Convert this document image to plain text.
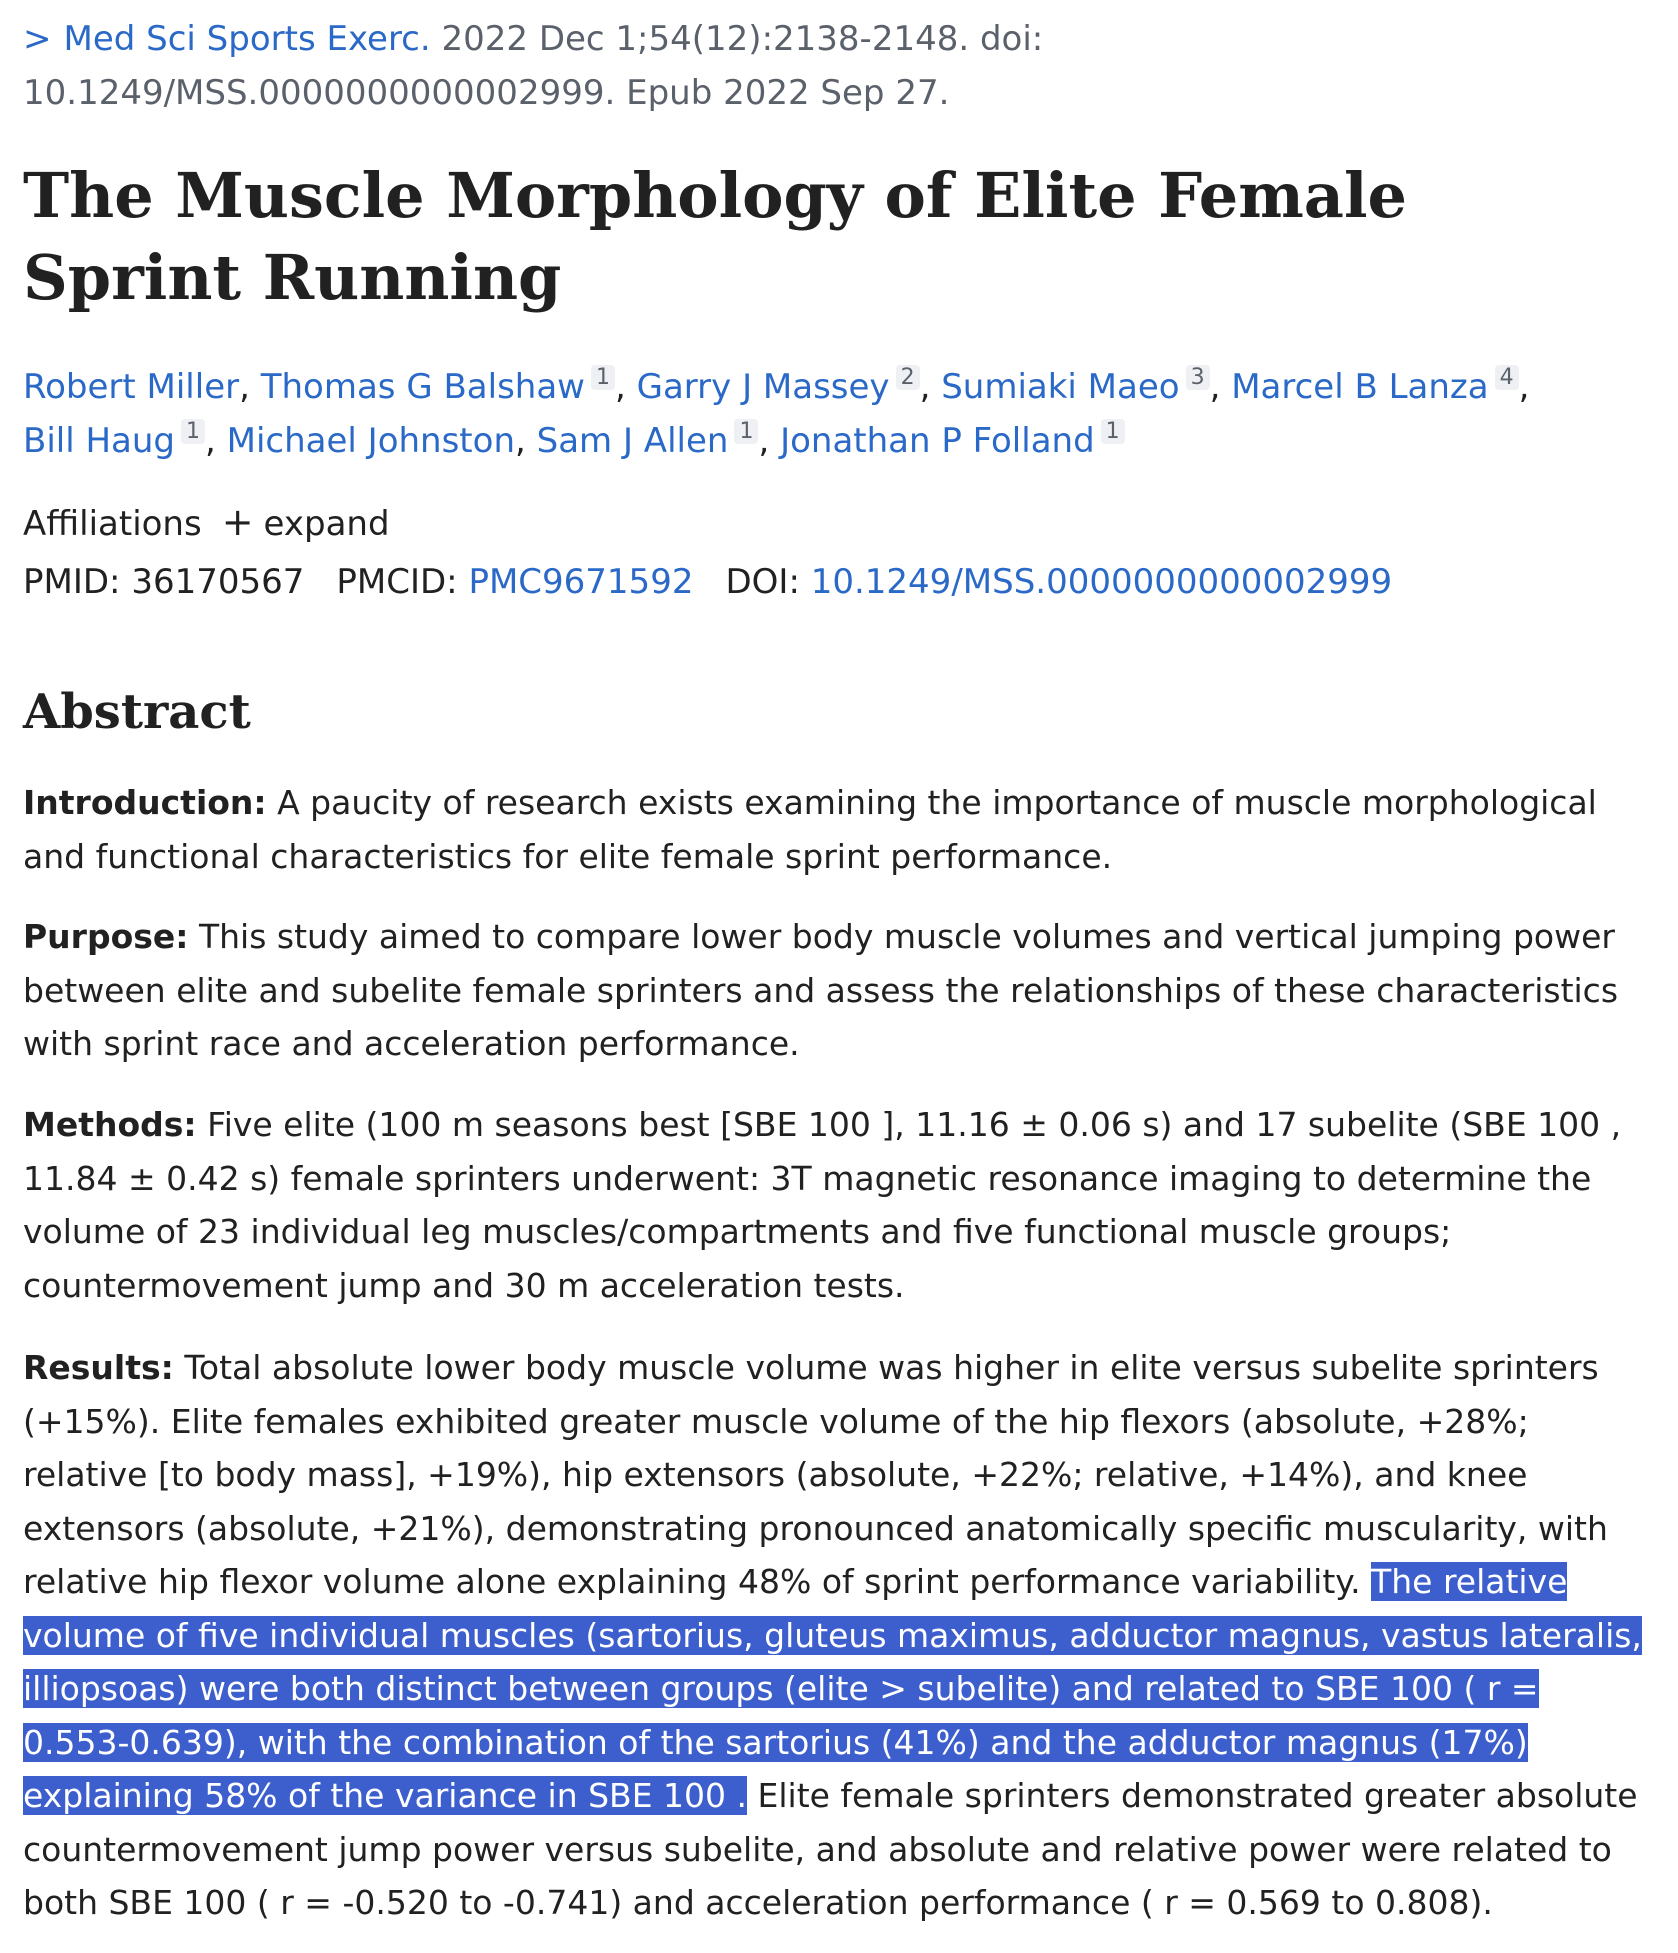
> Med Sci Sports Exerc. 2022 Dec 1;54(12):2138-2148. doi: 10.1249/MSS.0000000000002999. Epub 2022 Sep 27.
The Muscle Morphology of Elite Female Sprint Running
Robert Miller, Thomas G Balshaw $^1$ , Garry J Massey $^2$ , Sumiaki Maeo $^3$ , Marcel B Lanza $^4$ ,
Bill Haug $^1$ , Michael Johnston, Sam J Allen $^1$ , Jonathan P Folland $^1$
Affiliations + expand
PMID: 36170567 PMCID: PMC9671592 DOI: 10.1249/MSS.0000000000002999
Abstract

Introduction: A paucity of research exists examining the importance of muscle morphological and functional characteristics for elite female sprint performance.

Purpose: This study aimed to compare lower body muscle volumes and vertical jumping power between elite and subelite female sprinters and assess the relationships of these characteristics with sprint race and acceleration performance.

Methods: Five elite (100 m seasons best [SBE 100 ], 11.16 ± 0.06 s) and 17 subelite (SBE 100 , 11.84 ± 0.42 s) female sprinters underwent: 3T magnetic resonance imaging to determine the volume of 23 individual leg muscles/compartments and five functional muscle groups; countermovement jump and 30 m acceleration tests.

Results: Total absolute lower body muscle volume was higher in elite versus subelite sprinters (+15%). Elite females exhibited greater muscle volume of the hip flexors (absolute, +28%; relative [to body mass], +19%), hip extensors (absolute, +22%; relative, +14%), and knee extensors (absolute, +21%), demonstrating pronounced anatomically specific muscularity, with relative hip flexor volume alone explaining 48% of sprint performance variability. The relative volume of five individual muscles (sartorius, gluteus maximus, adductor magnus, vastus lateralis, illiopsoas) were both distinct between groups (elite > subelite) and related to SBE 100 ( r = 0.553-0.639), with the combination of the sartorius (41%) and the adductor magnus (17%) explaining 58% of the variance in SBE 100 . Elite female sprinters demonstrated greater absolute countermovement jump power versus subelite, and absolute and relative power were related to both SBE 100 ( r = -0.520 to -0.741) and acceleration performance ( r = 0.569 to 0.808).
